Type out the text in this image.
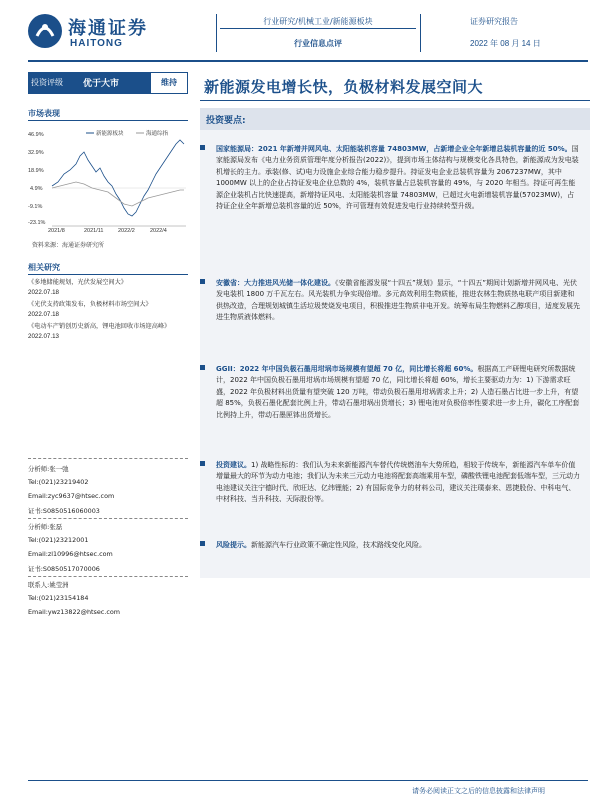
海通证券
HAITONG
行业研究/机械工业/新能源板块
行业信息点评
证券研究报告
2022 年 08 月 14 日
投资评级 优于大市	维持	新能源发电增长快，负极材料发展空间大
市场表现
46.9%
32.9%
18.9%
4.9%
-9.1%
-23.1%
2021/8	2021/11	2022/2	2022/4
新能源板块	海通综指
资料来源：海通证券研究所
相关研究
《多地储能规划，光伏发展空间大》
2022.07.18
《光伏支持政策发布，负极材料市场空间大》
2022.07.18
《电动车产销创历史新高，锂电池回收市场迎高峰》
2022.07.13
分析师:张一弛
Tel:(021)23219402
Email:zyc9637@htsec.com
证书:S0850516060003
分析师:张磊
Tel:(021)23212001
Email:zl10996@htsec.com
证书:S0850517070006
联系人:姚莹洲
Tel:(021)23154184
Email:ywz13822@htsec.com
投资要点:
国家能源局：2021 年新增并网风电、太阳能装机容量 74803MW，占新增企业全年新增总装机容量的近 50%。国家能源局发布《电力业务资质管理年度分析报告(2022)》，提到市场主体结构与规模变化各具特色，新能源成为发电装机增长的主力。承装(修、试)电力设施企业综合能力稳步提升。持证发电企业总装机容量为 2067237MW，其中 1000MW 以上的企业占持证发电企业总数的 4%，装机容量占总装机容量的 49%，与 2020 年相当。持证可再生能源企业装机占比快速提高，新增持证风电、太阳能装机容量 74803MW，已超过火电新增装机容量(57023MW)，占持证企业全年新增总装机容量的近 50%，许可管理有效促进发电行业持续转型升级。
安徽省：大力推进风光储一体化建设。《安徽省能源发展“十四五”规划》显示，“十四五”期间计划新增并网风电、光伏发电装机 1800 万千瓦左右。风光装机力争实现倍增。多元高效利用生物质能，推进农林生物质热电联产项目新建和供热改造，合理规划城镇生活垃圾焚烧发电项目，积极推进生物质非电开发。统筹布局生物燃料乙醇项目，适度发展先进生物质液体燃料。
GGII：2022 年中国负极石墨用坩埚市场规模有望超 70 亿，同比增长将超 60%。根据高工产研锂电研究所数据统计，2022 年中国负极石墨用坩埚市场规模有望超 70 亿，同比增长将超 60%，增长主要驱动力为：1) 下游需求旺盛，2022 年负极材料出货量有望突破 120 万吨，带动负极石墨用坩埚需求上升；2) 人造石墨占比进一步上升，有望超 85%，负极石墨化配套比例上升，带动石墨坩埚出货增长；3) 锂电池对负极倍率性要求进一步上升，碳化工序配套比例持上升，带动石墨匣钵出货增长。
投资建议。1) 战略性标的：我们认为未来新能源汽车替代传统燃油车大势所趋，相较于传统车，新能源汽车单车价值增量最大的环节为动力电池；我们认为未来三元动力电池将配套高端乘用车型，磷酸铁锂电池配套低端车型，三元动力电池建议关注宁德时代、欣旺达、亿纬锂能；2) 有国际竞争力的材料公司，建议关注璞泰来、恩捷股份、中科电气、中材科技、当升科技、天际股份等。
风险提示。新能源汽车行业政策不确定性风险，技术路线变化风险。
请务必阅读正文之后的信息披露和法律声明
